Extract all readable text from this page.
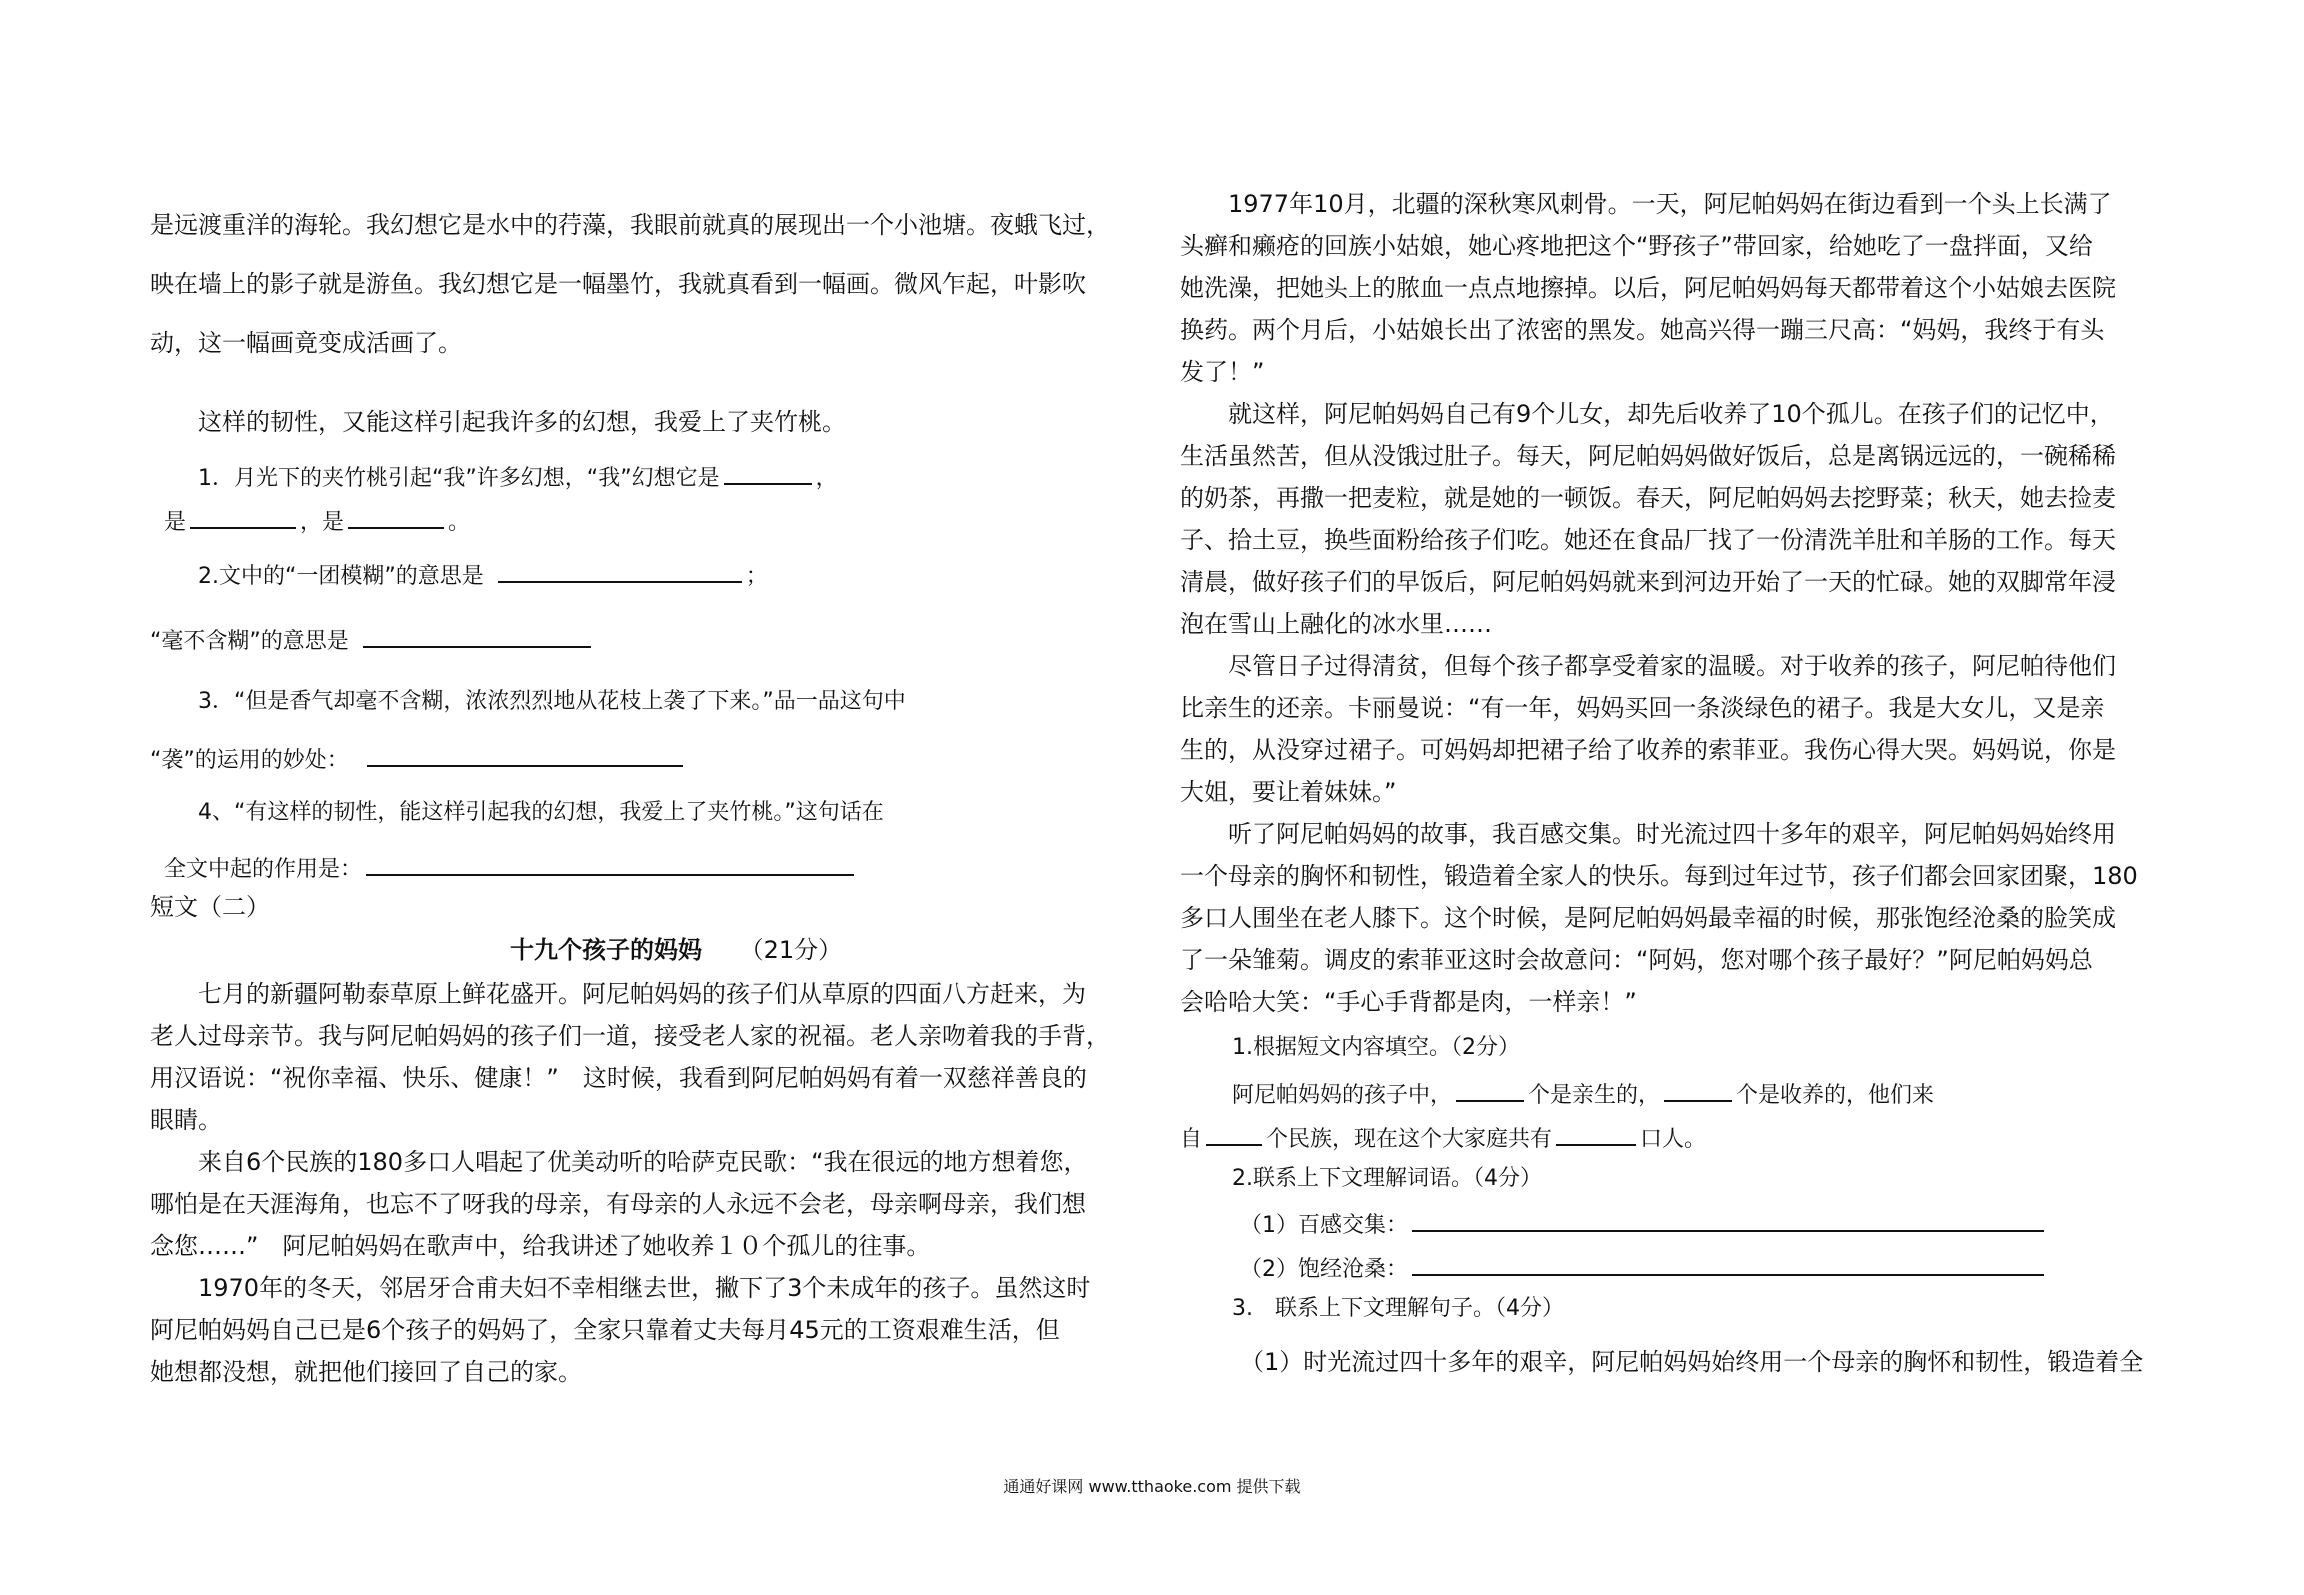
是远渡重洋的海轮。我幻想它是水中的荇藻，我眼前就真的展现出一个小池塘。夜蛾飞过，
映在墙上的影子就是游鱼。我幻想它是一幅墨竹，我就真看到一幅画。微风乍起，叶影吹
动，这一幅画竟变成活画了。
这样的韧性，又能这样引起我许多的幻想，我爱上了夹竹桃。
1．月光下的夹竹桃引起“我”许多幻想，“我”幻想它是	，
是	，是	。
2.文中的“一团模糊”的意思是	；
“毫不含糊”的意思是
3．“但是香气却毫不含糊，浓浓烈烈地从花枝上袭了下来。”品一品这句中
“袭”的运用的妙处：
4、“有这样的韧性，能这样引起我的幻想，我爱上了夹竹桃。”这句话在
全文中起的作用是：
短文（二）
十九个孩子的妈妈 （21分）
七月的新疆阿勒泰草原上鲜花盛开。阿尼帕妈妈的孩子们从草原的四面八方赶来，为
老人过母亲节。我与阿尼帕妈妈的孩子们一道，接受老人家的祝福。老人亲吻着我的手背，
用汉语说：“祝你幸福、快乐、健康！”　这时候，我看到阿尼帕妈妈有着一双慈祥善良的
眼睛。
来自6个民族的180多口人唱起了优美动听的哈萨克民歌：“我在很远的地方想着您，
哪怕是在天涯海角，也忘不了呀我的母亲，有母亲的人永远不会老，母亲啊母亲，我们想
念您……”　阿尼帕妈妈在歌声中，给我讲述了她收养１０个孤儿的往事。
1970年的冬天，邻居牙合甫夫妇不幸相继去世，撇下了3个未成年的孩子。虽然这时
阿尼帕妈妈自己已是6个孩子的妈妈了，全家只靠着丈夫每月45元的工资艰难生活，但
她想都没想，就把他们接回了自己的家。
1977年10月，北疆的深秋寒风刺骨。一天，阿尼帕妈妈在街边看到一个头上长满了
头癣和癞疮的回族小姑娘，她心疼地把这个“野孩子”带回家，给她吃了一盘拌面，又给
她洗澡，把她头上的脓血一点点地擦掉。以后，阿尼帕妈妈每天都带着这个小姑娘去医院
换药。两个月后，小姑娘长出了浓密的黑发。她高兴得一蹦三尺高：“妈妈，我终于有头
发了！”
就这样，阿尼帕妈妈自己有9个儿女，却先后收养了10个孤儿。在孩子们的记忆中，
生活虽然苦，但从没饿过肚子。每天，阿尼帕妈妈做好饭后，总是离锅远远的，一碗稀稀
的奶茶，再撒一把麦粒，就是她的一顿饭。春天，阿尼帕妈妈去挖野菜；秋天，她去捡麦
子、拾土豆，换些面粉给孩子们吃。她还在食品厂找了一份清洗羊肚和羊肠的工作。每天
清晨，做好孩子们的早饭后，阿尼帕妈妈就来到河边开始了一天的忙碌。她的双脚常年浸
泡在雪山上融化的冰水里……
尽管日子过得清贫，但每个孩子都享受着家的温暖。对于收养的孩子，阿尼帕待他们
比亲生的还亲。卡丽曼说：“有一年，妈妈买回一条淡绿色的裙子。我是大女儿，又是亲
生的，从没穿过裙子。可妈妈却把裙子给了收养的索菲亚。我伤心得大哭。妈妈说，你是
大姐，要让着妹妹。”
听了阿尼帕妈妈的故事，我百感交集。时光流过四十多年的艰辛，阿尼帕妈妈始终用
一个母亲的胸怀和韧性，锻造着全家人的快乐。每到过年过节，孩子们都会回家团聚，180
多口人围坐在老人膝下。这个时候，是阿尼帕妈妈最幸福的时候，那张饱经沧桑的脸笑成
了一朵雏菊。调皮的索菲亚这时会故意问：“阿妈，您对哪个孩子最好？”阿尼帕妈妈总
会哈哈大笑：“手心手背都是肉，一样亲！”
1.根据短文内容填空。（2分）
阿尼帕妈妈的孩子中，	个是亲生的，	个是收养的，他们来
自	个民族，现在这个大家庭共有	口人。
2.联系上下文理解词语。（4分）
（1）百感交集：
（2）饱经沧桑：
3.　联系上下文理解句子。（4分）
（1）时光流过四十多年的艰辛，阿尼帕妈妈始终用一个母亲的胸怀和韧性，锻造着全
通通好课网 www.tthaoke.com 提供下载
